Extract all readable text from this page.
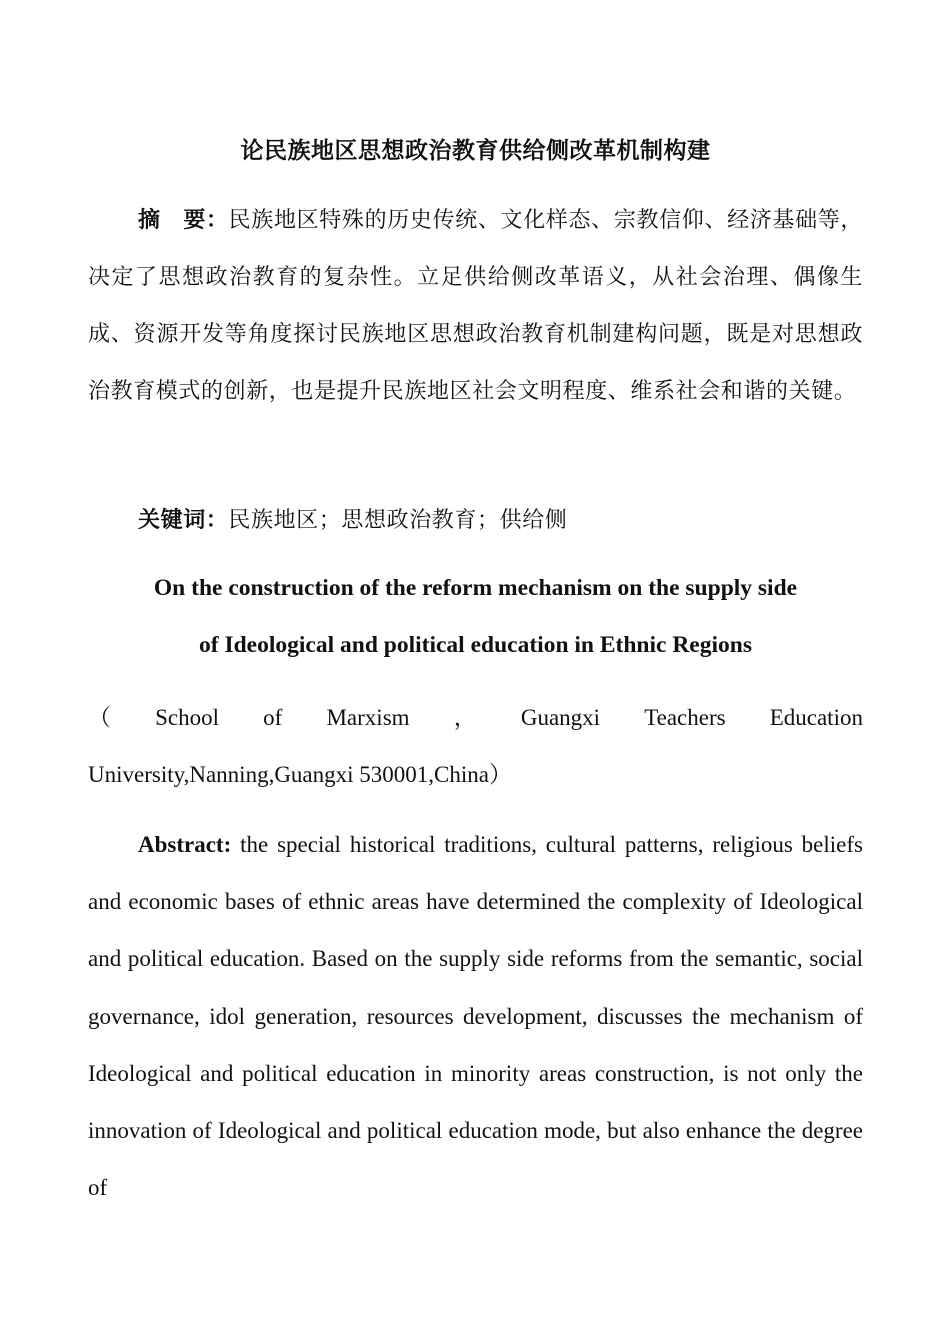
论民族地区思想政治教育供给侧改革机制构建
摘　要：民族地区特殊的历史传统、文化样态、宗教信仰、经济基础等，决定了思想政治教育的复杂性。立足供给侧改革语义，从社会治理、偶像生成、资源开发等角度探讨民族地区思想政治教育机制建构问题，既是对思想政治教育模式的创新，也是提升民族地区社会文明程度、维系社会和谐的关键。
关键词：民族地区；思想政治教育；供给侧
On the construction of the reform mechanism on the supply side
of Ideological and political education in Ethnic Regions
（ School of Marxism ， Guangxi Teachers Education
University,Nanning,Guangxi 530001,China）
Abstract: the special historical traditions, cultural patterns, religious beliefs and economic bases of ethnic areas have determined the complexity of Ideological and political education. Based on the supply side reforms from the semantic, social governance, idol generation, resources development, discusses the mechanism of Ideological and political education in minority areas construction, is not only the innovation of Ideological and political education mode, but also enhance the degree of
